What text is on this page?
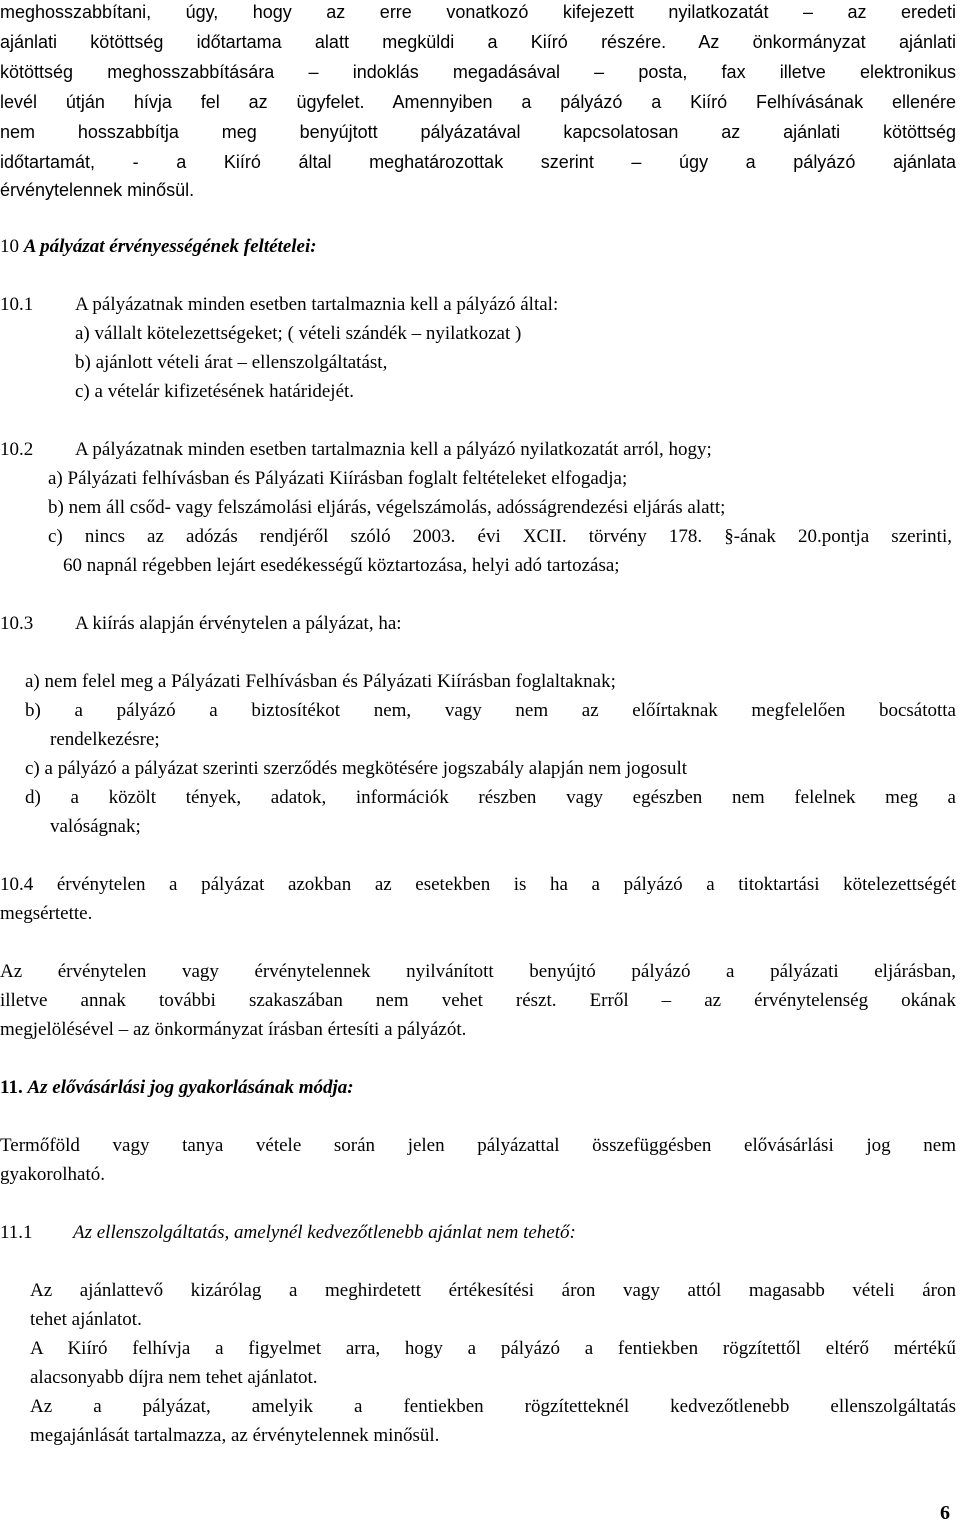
meghosszabbítani, úgy, hogy az erre vonatkozó kifejezett nyilatkozatát – az eredeti
ajánlati kötöttség időtartama alatt megküldi a Kiíró részére. Az önkormányzat ajánlati
kötöttség meghosszabbítására – indoklás megadásával – posta, fax illetve elektronikus
levél útján hívja fel az ügyfelet. Amennyiben a pályázó a Kiíró Felhívásának ellenére
nem hosszabbítja meg benyújtott pályázatával kapcsolatosan az ajánlati kötöttség
időtartamát, - a Kiíró által meghatározottak szerint – úgy a pályázó ajánlata
érvénytelennek minősül.
10 A pályázat érvényességének feltételei:
10.1 A pályázatnak minden esetben tartalmaznia kell a pályázó által:
a) vállalt kötelezettségeket; ( vételi szándék – nyilatkozat )
b) ajánlott vételi árat – ellenszolgáltatást,
c) a vételár kifizetésének határidejét.
10.2 A pályázatnak minden esetben tartalmaznia kell a pályázó nyilatkozatát arról, hogy;
a) Pályázati felhívásban és Pályázati Kiírásban foglalt feltételeket elfogadja;
b) nem áll csőd- vagy felszámolási eljárás, végelszámolás, adósságrendezési eljárás alatt;
c) nincs az adózás rendjéről szóló 2003. évi XCII. törvény 178. §-ának 20.pontja szerinti,
60 napnál régebben lejárt esedékességű köztartozása, helyi adó tartozása;
10.3 A kiírás alapján érvénytelen a pályázat, ha:
a) nem felel meg a Pályázati Felhívásban és Pályázati Kiírásban foglaltaknak;
b) a pályázó a biztosítékot nem, vagy nem az előírtaknak megfelelően bocsátotta
rendelkezésre;
c) a pályázó a pályázat szerinti szerződés megkötésére jogszabály alapján nem jogosult
d) a közölt tények, adatok, információk részben vagy egészben nem felelnek meg a
valóságnak;
10.4 érvénytelen a pályázat azokban az esetekben is ha a pályázó a titoktartási kötelezettségét
megsértette.
Az érvénytelen vagy érvénytelennek nyilvánított benyújtó pályázó a pályázati eljárásban,
illetve annak további szakaszában nem vehet részt. Erről – az érvénytelenség okának
megjelölésével – az önkormányzat írásban értesíti a pályázót.
11. Az elővásárlási jog gyakorlásának módja:
Termőföld vagy tanya vétele során jelen pályázattal összefüggésben elővásárlási jog nem
gyakorolható.
11.1 Az ellenszolgáltatás, amelynél kedvezőtlenebb ajánlat nem tehető:
Az ajánlattevő kizárólag a meghirdetett értékesítési áron vagy attól magasabb vételi áron
tehet ajánlatot.
A Kiíró felhívja a figyelmet arra, hogy a pályázó a fentiekben rögzítettől eltérő mértékű
alacsonyabb díjra nem tehet ajánlatot.
Az a pályázat, amelyik a fentiekben rögzítetteknél kedvezőtlenebb ellenszolgáltatás
megajánlását tartalmazza, az érvénytelennek minősül.
6
